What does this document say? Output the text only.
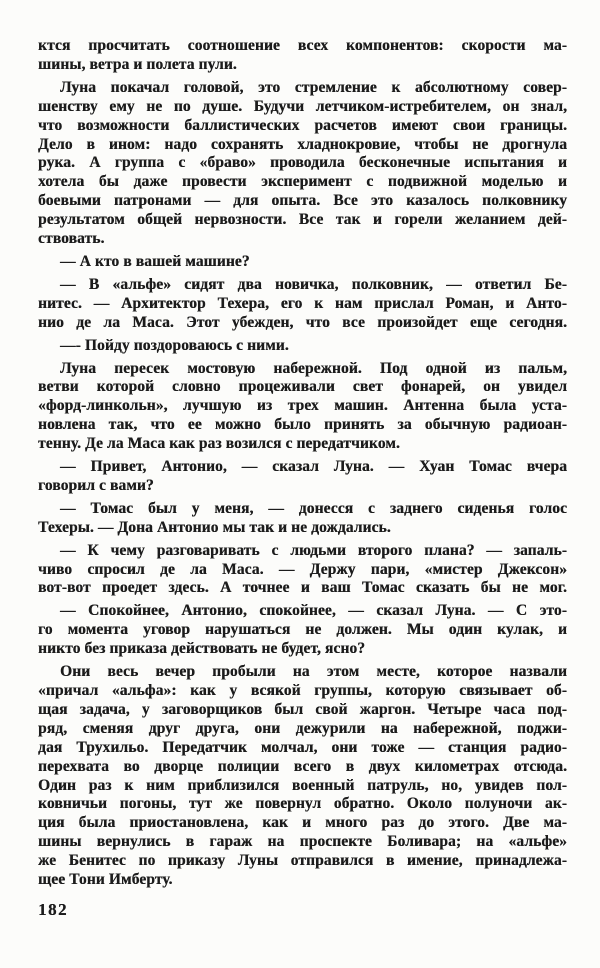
ктся просчитать соотношение всех компонентов: скорости ма-
шины, ветра и полета пули.
Луна покачал головой, это стремление к абсолютному совер-
шенству ему не по душе. Будучи летчиком-истребителем, он знал,
что возможности баллистических расчетов имеют свои границы.
Дело в ином: надо сохранять хладнокровие, чтобы не дрогнула
рука. А группа с «браво» проводила бесконечные испытания и
хотела бы даже провести эксперимент с подвижной моделью и
боевыми патронами — для опыта. Все это казалось полковнику
результатом общей нервозности. Все так и горели желанием дей-
ствовать.
— А кто в вашей машине?
— В «альфе» сидят два новичка, полковник, — ответил Бе-
нитес. — Архитектор Техера, его к нам прислал Роман, и Анто-
нио де ла Маса. Этот убежден, что все произойдет еще сегодня.
—- Пойду поздороваюсь с ними.
Луна пересек мостовую набережной. Под одной из пальм,
ветви которой словно процеживали свет фонарей, он увидел
«форд-линкольн», лучшую из трех машин. Антенна была уста-
новлена так, что ее можно было принять за обычную радиоан-
тенну. Де ла Маса как раз возился с передатчиком.
— Привет, Антонио, — сказал Луна. — Хуан Томас вчера
говорил с вами?
— Томас был у меня, — донесся с заднего сиденья голос
Техеры. — Дона Антонио мы так и не дождались.
— К чему разговаривать с людьми второго плана? — запаль-
чиво спросил де ла Маса. — Держу пари, «мистер Джексон»
вот-вот проедет здесь. А точнее и ваш Томас сказать бы не мог.
— Спокойнее, Антонио, спокойнее, — сказал Луна. — С это-
го момента уговор нарушаться не должен. Мы один кулак, и
никто без приказа действовать не будет, ясно?
Они весь вечер пробыли на этом месте, которое назвали
«причал «альфа»: как у всякой группы, которую связывает об-
щая задача, у заговорщиков был свой жаргон. Четыре часа под-
ряд, сменяя друг друга, они дежурили на набережной, поджи-
дая Трухильо. Передатчик молчал, они тоже — станция радио-
перехвата во дворце полиции всего в двух километрах отсюда.
Один раз к ним приблизился военный патруль, но, увидев пол-
ковничьи погоны, тут же повернул обратно. Около полуночи ак-
ция была приостановлена, как и много раз до этого. Две ма-
шины вернулись в гараж на проспекте Боливара; на «альфе»
же Бенитес по приказу Луны отправился в имение, принадлежа-
щее Тони Имберту.
182
